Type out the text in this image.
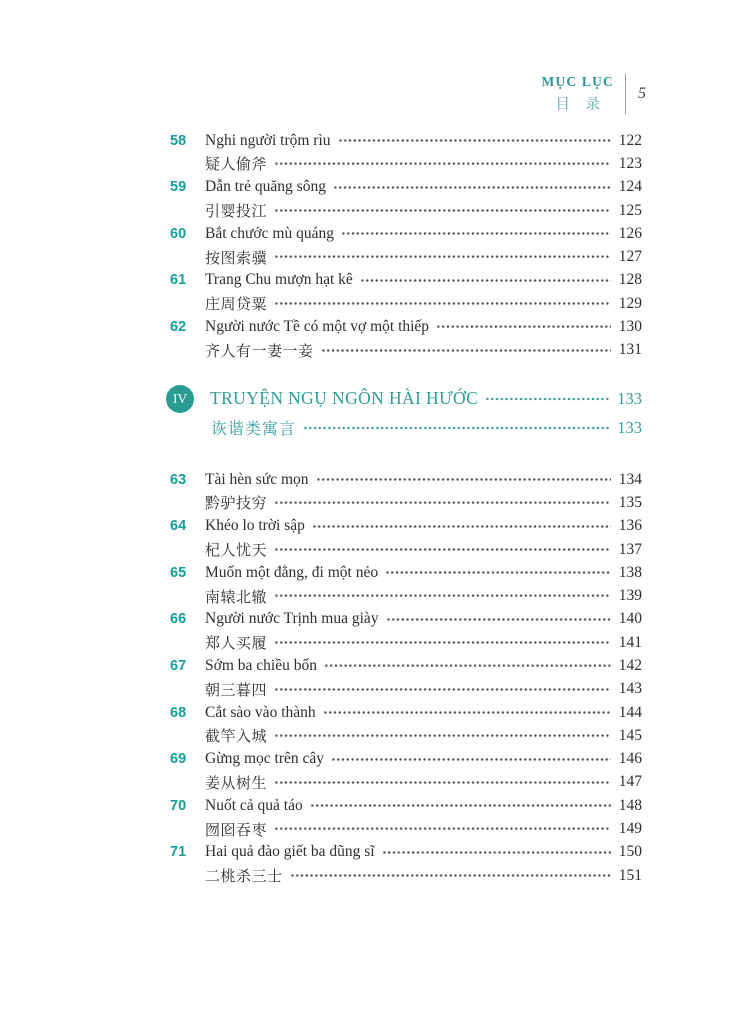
MỤC LỤC
目 录
5
58	Nghi người trộm rìu	122
疑人偷斧	123
59	Dẫn trẻ quăng sông	124
引婴投江	125
60	Bắt chước mù quáng	126
按图索骥	127
61	Trang Chu mượn hạt kê	128
庄周贷粟	129
62	Người nước Tề có một vợ một thiếp	130
齐人有一妻一妾	131
IV TRUYỆN NGỤ NGÔN HÀI HƯỚC	133
诙谐类寓言	133
63	Tài hèn sức mọn	134
黔驴技穷	135
64	Khéo lo trời sập	136
杞人忧天	137
65	Muốn một đằng, đi một nẻo	138
南辕北辙	139
66	Người nước Trịnh mua giày	140
郑人买履	141
67	Sớm ba chiều bốn	142
朝三暮四	143
68	Cắt sào vào thành	144
截竿入城	145
69	Gừng mọc trên cây	146
姜从树生	147
70	Nuốt cả quả táo	148
囫囵吞枣	149
71	Hai quả đào giết ba dũng sĩ	150
二桃杀三士	151
